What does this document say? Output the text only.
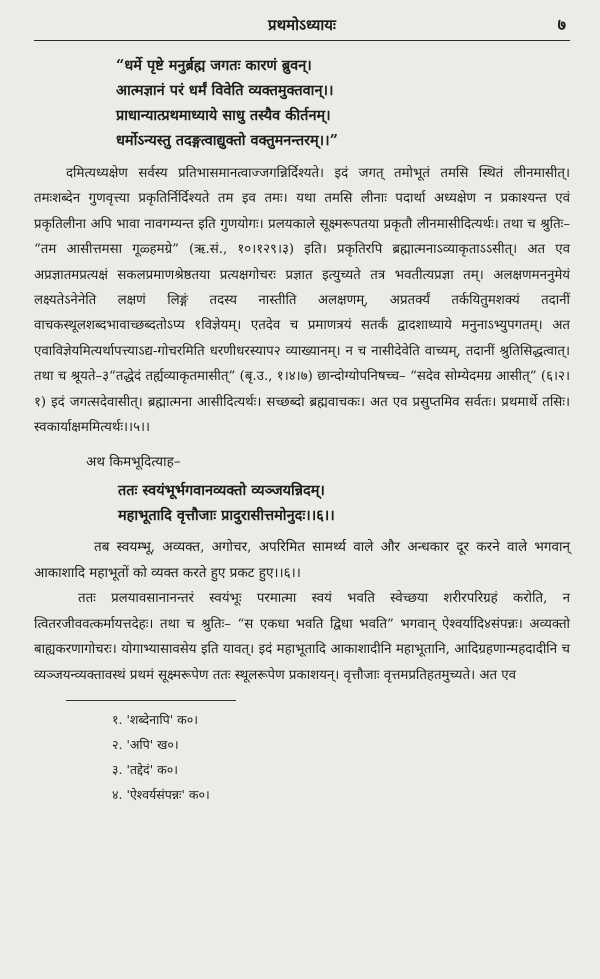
प्रथमोऽध्यायः	७
“धर्मे पृष्टे मनुर्ब्रह्म जगतः कारणं ब्रुवन्।
आत्मज्ञानं परं धर्मं विवेति व्यक्तमुक्तवान्।।
प्राधान्यात्प्रथमाध्याये साधु तस्यैव कीर्तनम्।
धर्मोऽन्यस्तु तदङ्गत्वाद्युक्तो वक्तुमनन्तरम्।।”
दमित्यध्यक्षेण सर्वस्य प्रतिभासमानत्वाज्जगन्निर्दिश्यते। इदं जगत् तमोभूतं तमसि स्थितं लीनमासीत्। तमःशब्देन गुणवृत्त्या प्रकृतिर्निर्दिश्यते तम इव तमः। यथा तमसि लीनाः पदार्था अध्यक्षेण न प्रकाश्यन्त एवं प्रकृतिलीना अपि भावा नावगम्यन्त इति गुणयोगः। प्रलयकाले सूक्ष्मरूपतया प्रकृतौ लीनमासीदित्यर्थः। तथा च श्रुतिः– “तम आसीत्तमसा गूळ्हमग्रे” (ऋ.सं., १०।१२९।३) इति। प्रकृतिरपि ब्रह्मात्मनाऽव्याकृताऽऽसीत्। अत एव अप्रज्ञातमप्रत्यक्षं सकलप्रमाणश्रेष्ठतया प्रत्यक्षगोचरः प्रज्ञात इत्युच्यते तत्र भवतीत्यप्रज्ञा तम्। अलक्षणमननुमेयं लक्ष्यतेऽनेनेति लक्षणं लिङ्गं तदस्य नास्तीति अलक्षणम्, अप्रतर्क्यं तर्कयितुमशक्यं तदानीं वाचकस्थूलशब्दभावाच्छब्दतोऽप्य १विज्ञेयम्। एतदेव च प्रमाणत्रयं सतर्कं द्वादशाध्याये मनुनाऽभ्युपगतम्। अत एवाविज्ञेयमित्यर्थापत्त्याऽद्य-गोचरमिति धरणीधरस्याप२ व्याख्यानम्। न च नासीदेवेति वाच्यम्, तदानीं श्रुतिसिद्धत्वात्। तथा च श्रूयते–३“तद्धेदं तर्ह्यव्याकृतमासीत्” (बृ.उ., १।४।७) छान्दोग्योपनिषच्च– “सदेव सोम्येदमग्र आसीत्” (६।२।१) इदं जगत्सदेवासीत्। ब्रह्मात्मना आसीदित्यर्थः। सच्छब्दो ब्रह्मवाचकः। अत एव प्रसुप्तमिव सर्वतः। प्रथमार्थे तसिः। स्वकार्याक्षममित्यर्थः।।५।।
अथ किमभूदित्याह–
ततः स्वयंभूर्भगवानव्यक्तो व्यञ्जयन्निदम्।
महाभूतादि वृत्तौजाः प्रादुरासीत्तमोनुदः।।६।।
तब स्वयम्भू, अव्यक्त, अगोचर, अपरिमित सामर्थ्य वाले और अन्धकार दूर करने वाले भगवान् आकाशादि महाभूतों को व्यक्त करते हुए प्रकट हुए।।६।।
ततः प्रलयावसानानन्तरं स्वयंभूः परमात्मा स्वयं भवति स्वेच्छया शरीरपरिग्रहं करोति, न त्वितरजीववत्कर्मायत्तदेहः। तथा च श्रुतिः– “स एकधा भवति द्विधा भवति” भगवान् ऐश्वर्यादि४संपन्नः। अव्यक्तो बाह्यकरणागोचरः। योगाभ्यासावसेय इति यावत्। इदं महाभूतादि आकाशादीनि महाभूतानि, आदिग्रहणान्महदादीनि च व्यञ्जयन्व्यक्तावस्थं प्रथमं सूक्ष्मरूपेण ततः स्थूलरूपेण प्रकाशयन्। वृत्तौजाः वृत्तमप्रतिहतमुच्यते। अत एव
१. 'शब्देनापि' क०।
२. 'अपि' ख०।
३. 'तद्देदं' क०।
४. 'ऐश्वर्यसंपन्नः' क०।
